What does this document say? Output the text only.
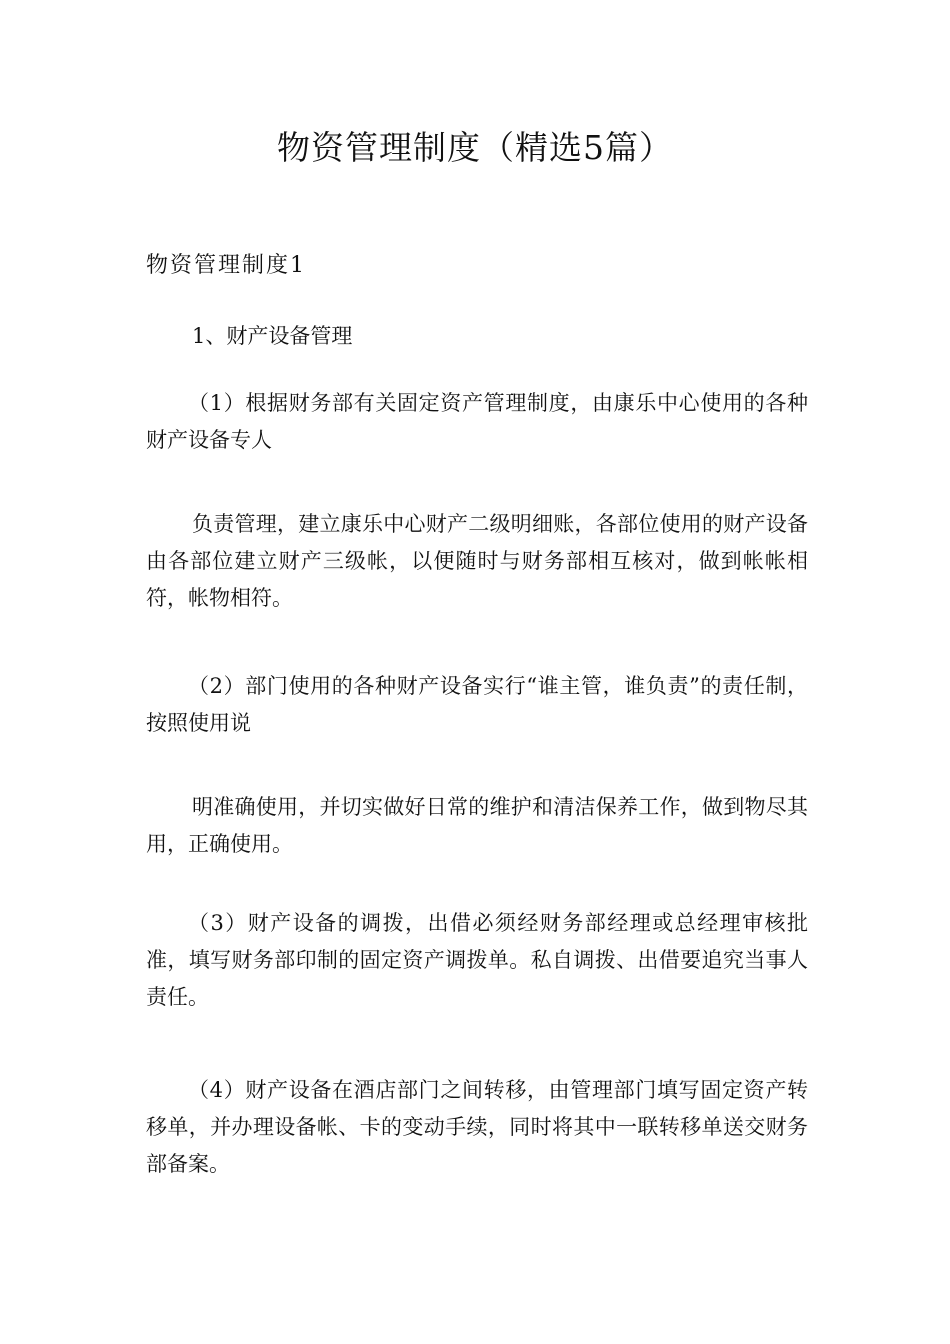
物资管理制度（精选5篇）
物资管理制度1
1、财产设备管理

（1）根据财务部有关固定资产管理制度，由康乐中心使用的各种财产设备专人

负责管理，建立康乐中心财产二级明细账，各部位使用的财产设备由各部位建立财产三级帐，以便随时与财务部相互核对，做到帐帐相符，帐物相符。

（2）部门使用的各种财产设备实行“谁主管，谁负责”的责任制，按照使用说

明准确使用，并切实做好日常的维护和清洁保养工作，做到物尽其用，正确使用。

（3）财产设备的调拨，出借必须经财务部经理或总经理审核批准，填写财务部印制的固定资产调拨单。私自调拨、出借要追究当事人责任。

（4）财产设备在酒店部门之间转移，由管理部门填写固定资产转移单，并办理设备帐、卡的变动手续，同时将其中一联转移单送交财务部备案。
